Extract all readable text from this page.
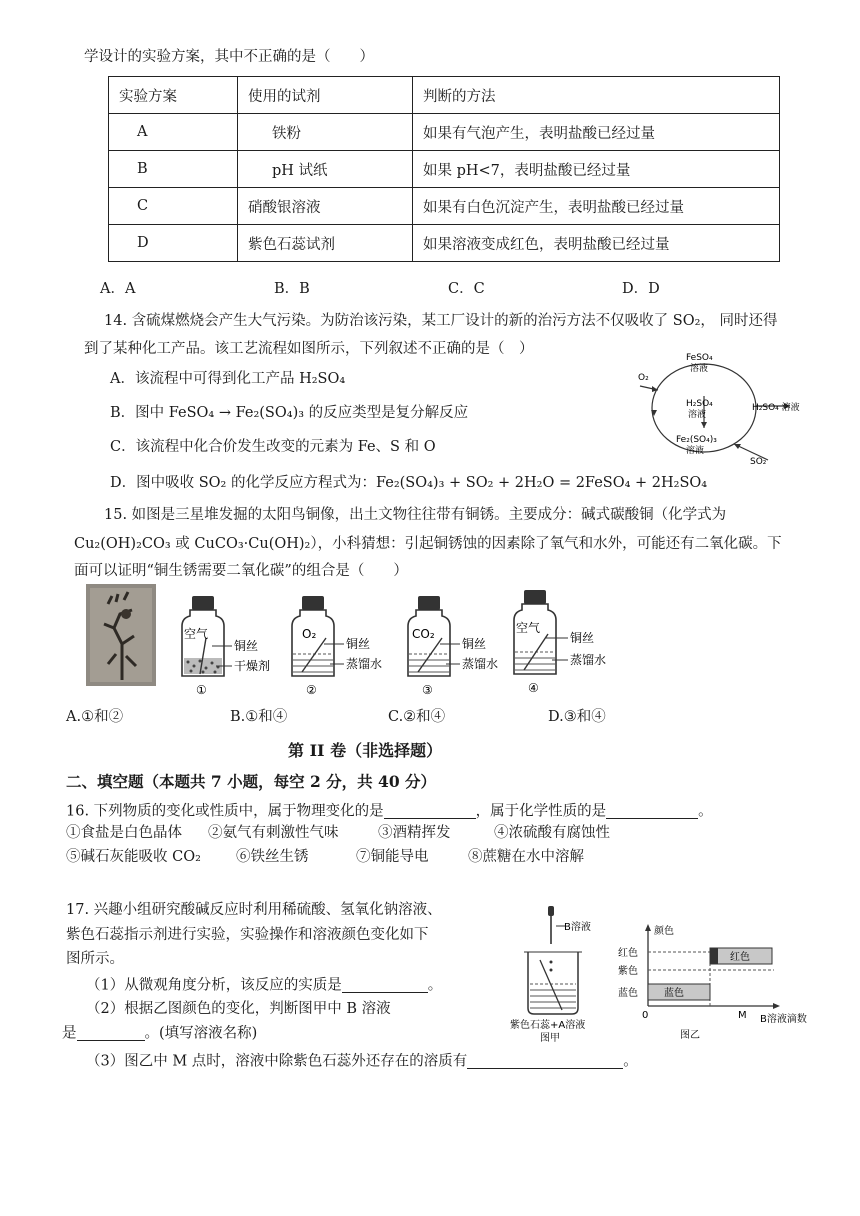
学设计的实验方案，其中不正确的是（　　）
实验方案	使用的试剂	判断的方法
A	铁粉	如果有气泡产生，表明盐酸已经过量
B	pH 试纸	如果 pH<7，表明盐酸已经过量
C	硝酸银溶液	如果有白色沉淀产生，表明盐酸已经过量
D	紫色石蕊试剂	如果溶液变成红色，表明盐酸已经过量
A．A	B．B	C．C	D．D
14. 含硫煤燃烧会产生大气污染。为防治该污染，某工厂设计的新的治污方法不仅吸收了 SO₂， 同时还得
到了某种化工产品。该工艺流程如图所示，下列叙述不正确的是（　）
A．该流程中可得到化工产品 H₂SO₄
B．图中 FeSO₄ → Fe₂(SO₄)₃ 的反应类型是复分解反应
C．该流程中化合价发生改变的元素为 Fe、S 和 O
D．图中吸收 SO₂ 的化学反应方程式为：Fe₂(SO₄)₃ + SO₂ + 2H₂O = 2FeSO₄ + 2H₂SO₄
FeSO₄
溶液
O₂
H₂SO₄
溶液
H₂SO₄ 溶液
Fe₂(SO₄)₃
溶液
SO₂
15. 如图是三星堆发掘的太阳鸟铜像，出土文物往往带有铜锈。主要成分：碱式碳酸铜（化学式为
Cu₂(OH)₂CO₃ 或 CuCO₃·Cu(OH)₂），小科猜想：引起铜锈蚀的因素除了氧气和水外，可能还有二氧化碳。下
面可以证明“铜生锈需要二氧化碳”的组合是（　　）
空气
铜丝
干燥剂
①
O₂
铜丝
蒸馏水
②
CO₂
铜丝
蒸馏水
③
空气
铜丝
蒸馏水
④
A.①和②	B.①和④	C.②和④	D.③和④
第 II 卷（非选择题）
二、填空题（本题共 7 小题，每空 2 分，共 40 分）
16. 下列物质的变化或性质中，属于物理变化的是	，属于化学性质的是	。
①食盐是白色晶体 ②氨气有刺激性气味	③酒精挥发	④浓硫酸有腐蚀性
⑤碱石灰能吸收 CO₂ ⑥铁丝生锈	⑦铜能导电	⑧蔗糖在水中溶解
17. 兴趣小组研究酸碱反应时利用稀硫酸、氢氧化钠溶液、
紫色石蕊指示剂进行实验，实验操作和溶液颜色变化如下
图所示。
（1）从微观角度分析，该反应的实质是	。
（2）根据乙图颜色的变化，判断图甲中 B 溶液
是	。(填写溶液名称)
（3）图乙中 M 点时，溶液中除紫色石蕊外还存在的溶质有	。
B溶液
紫色石蕊+A溶液
图甲
颜色
红色
紫色
蓝色	蓝色
红色
0	M B溶液滴数
图乙
